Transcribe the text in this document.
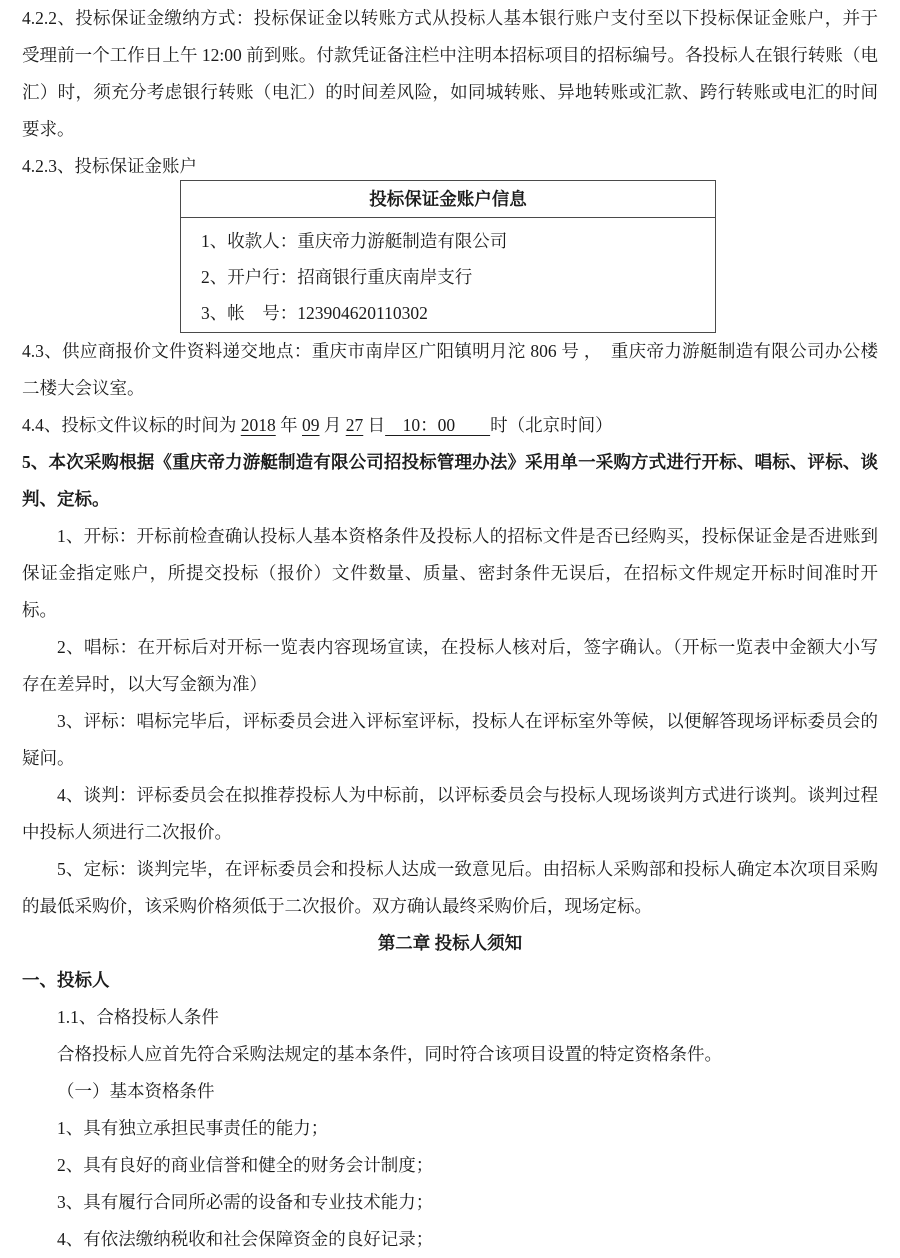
4.2.2、投标保证金缴纳方式：投标保证金以转账方式从投标人基本银行账户支付至以下投标保证金账户，并于受理前一个工作日上午 12:00 前到账。付款凭证备注栏中注明本招标项目的招标编号。各投标人在银行转账（电汇）时，须充分考虑银行转账（电汇）的时间差风险，如同城转账、异地转账或汇款、跨行转账或电汇的时间要求。

4.2.3、投标保证金账户

投标保证金账户信息
1、收款人：重庆帝力游艇制造有限公司
2、开户行：招商银行重庆南岸支行
3、帐　号：123904620110302

4.3、供应商报价文件资料递交地点：重庆市南岸区广阳镇明月沱 806 号 ，　重庆帝力游艇制造有限公司办公楼二楼大会议室。

4.4、投标文件议标的时间为 2018 年 09 月 27 日　10：00　　时（北京时间）

5、本次采购根据《重庆帝力游艇制造有限公司招投标管理办法》采用单一采购方式进行开标、唱标、评标、谈判、定标。

1、开标：开标前检查确认投标人基本资格条件及投标人的招标文件是否已经购买，投标保证金是否进账到保证金指定账户，所提交投标（报价）文件数量、质量、密封条件无误后，在招标文件规定开标时间准时开标。

2、唱标：在开标后对开标一览表内容现场宣读，在投标人核对后，签字确认。（开标一览表中金额大小写存在差异时，以大写金额为准）

3、评标：唱标完毕后，评标委员会进入评标室评标，投标人在评标室外等候，以便解答现场评标委员会的疑问。

4、谈判：评标委员会在拟推荐投标人为中标前，以评标委员会与投标人现场谈判方式进行谈判。谈判过程中投标人须进行二次报价。

5、定标：谈判完毕，在评标委员会和投标人达成一致意见后。由招标人采购部和投标人确定本次项目采购的最低采购价，该采购价格须低于二次报价。双方确认最终采购价后，现场定标。

第二章 投标人须知

一、投标人

1.1、合格投标人条件

合格投标人应首先符合采购法规定的基本条件，同时符合该项目设置的特定资格条件。

（一）基本资格条件

1、具有独立承担民事责任的能力；

2、具有良好的商业信誉和健全的财务会计制度；

3、具有履行合同所必需的设备和专业技术能力；

4、有依法缴纳税收和社会保障资金的良好记录；
